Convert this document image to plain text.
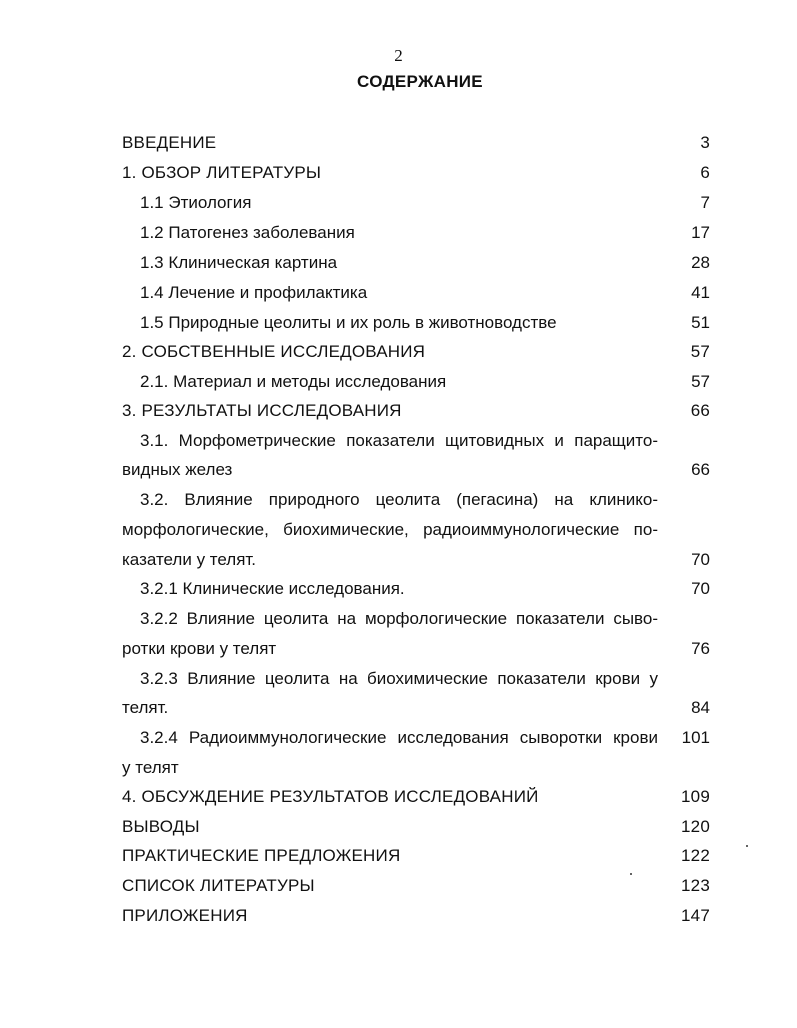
2
СОДЕРЖАНИЕ
ВВЕДЕНИЕ	3
1. ОБЗОР ЛИТЕРАТУРЫ	6
1.1 Этиология	7
1.2 Патогенез заболевания	17
1.3 Клиническая картина	28
1.4 Лечение и профилактика	41
1.5 Природные цеолиты и их роль в животноводстве	51
2. СОБСТВЕННЫЕ ИССЛЕДОВАНИЯ	57
2.1. Материал и методы исследования	57
3. РЕЗУЛЬТАТЫ ИССЛЕДОВАНИЯ	66
3.1. Морфометрические показатели щитовидных и паращито-
видных желез	66
3.2. Влияние природного цеолита (пегасина) на клинико-
морфологические, биохимические, радиоиммунологические по-
казатели у телят.	70
3.2.1 Клинические исследования.	70
3.2.2 Влияние цеолита на морфологические показатели сыво-
ротки крови у телят	76
3.2.3 Влияние цеолита на биохимические показатели крови у
телят.	84
3.2.4 Радиоиммунологические исследования сыворотки крови	101
у телят
4. ОБСУЖДЕНИЕ РЕЗУЛЬТАТОВ ИССЛЕДОВАНИЙ	109
ВЫВОДЫ	120
ПРАКТИЧЕСКИЕ ПРЕДЛОЖЕНИЯ	122
СПИСОК ЛИТЕРАТУРЫ	123
ПРИЛОЖЕНИЯ	147
